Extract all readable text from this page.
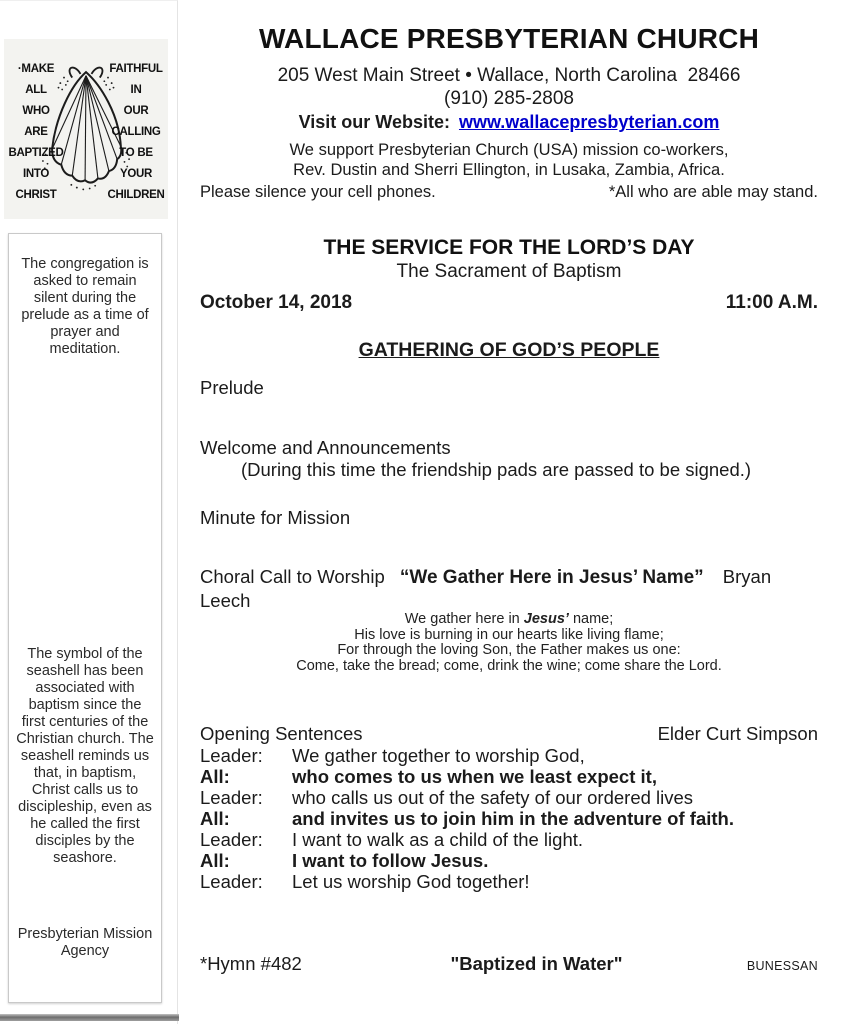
·MAKE
ALL
WHO
ARE
BAPTIZED
INTO
CHRIST
FAITHFUL
IN
OUR
CALLING
TO BE
YOUR
CHILDREN

The congregation is asked to remain silent during the prelude as a time of prayer and meditation.

The symbol of the seashell has been associated with baptism since the first centuries of the Christian church. The seashell reminds us that, in baptism, Christ calls us to discipleship, even as he called the first disciples by the seashore.

Presbyterian Mission Agency

WALLACE PRESBYTERIAN CHURCH
205 West Main Street • Wallace, North Carolina  28466
(910) 285-2808
Visit our Website: www.wallacepresbyterian.com
We support Presbyterian Church (USA) mission co-workers,
Rev. Dustin and Sherri Ellington, in Lusaka, Zambia, Africa.
Please silence your cell phones.	*All who are able may stand.
THE SERVICE FOR THE LORD’S DAY
The Sacrament of Baptism
October 14, 2018	11:00 A.M.
GATHERING OF GOD’S PEOPLE
Prelude
Welcome and Announcements
(During this time the friendship pads are passed to be signed.)
Minute for Mission
Choral Call to Worship “We Gather Here in Jesus’ Name” Bryan Leech
We gather here in Jesus’ name;
His love is burning in our hearts like living flame;
For through the loving Son, the Father makes us one:
Come, take the bread; come, drink the wine; come share the Lord.
Opening Sentences	Elder Curt Simpson
Leader:	We gather together to worship God,
All:	who comes to us when we least expect it,
Leader:	who calls us out of the safety of our ordered lives
All:	and invites us to join him in the adventure of faith.
Leader:	I want to walk as a child of the light.
All:	I want to follow Jesus.
Leader:	Let us worship God together!
*Hymn #482	"Baptized in Water"	BUNESSAN
